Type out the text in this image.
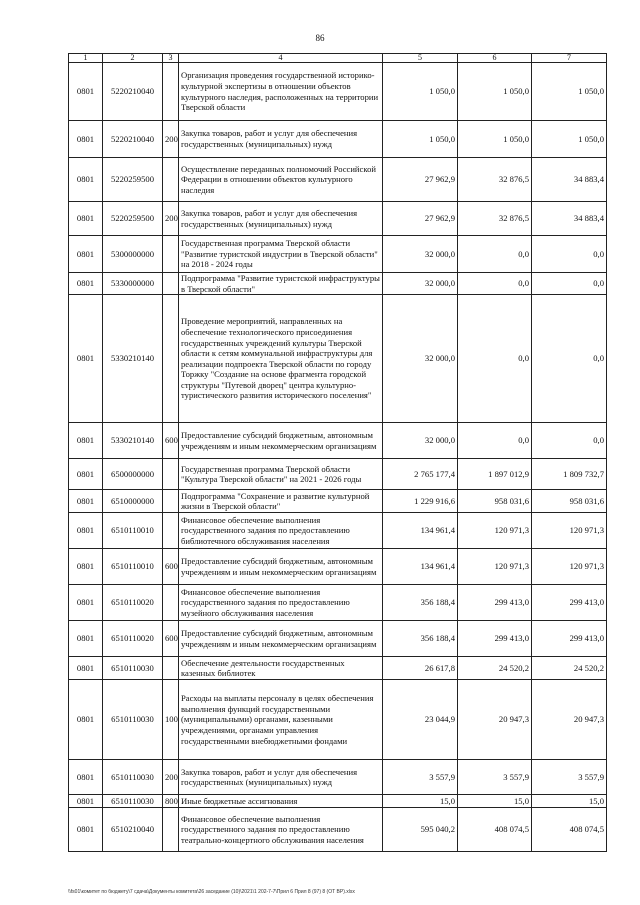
86
1	2	3	4	5	6	7
0801	5220210040		Организация проведения государственной историко-культурной экспертизы в отношении объектов культурного наследия, расположенных на территории Тверской области	1 050,0	1 050,0	1 050,0
0801	5220210040	200	Закупка товаров, работ и услуг для обеспечения государственных (муниципальных) нужд	1 050,0	1 050,0	1 050,0
0801	5220259500		Осуществление переданных полномочий Российской Федерации в отношении объектов культурного наследия	27 962,9	32 876,5	34 883,4
0801	5220259500	200	Закупка товаров, работ и услуг для обеспечения государственных (муниципальных) нужд	27 962,9	32 876,5	34 883,4
0801	5300000000		Государственная программа Тверской области "Развитие туристской индустрии в Тверской области" на 2018 - 2024 годы	32 000,0	0,0	0,0
0801	5330000000		Подпрограмма "Развитие туристской инфраструктуры в Тверской области"	32 000,0	0,0	0,0
0801	5330210140		Проведение мероприятий, направленных на обеспечение технологического присоединения государственных учреждений культуры Тверской области к сетям коммунальной инфраструктуры для реализации подпроекта Тверской области по городу Торжку "Создание на основе фрагмента городской структуры "Путевой дворец" центра культурно-туристического развития исторического поселения"	32 000,0	0,0	0,0
0801	5330210140	600	Предоставление субсидий бюджетным, автономным учреждениям и иным некоммерческим организациям	32 000,0	0,0	0,0
0801	6500000000		Государственная программа Тверской области "Культура Тверской области" на 2021 - 2026 годы	2 765 177,4	1 897 012,9	1 809 732,7
0801	6510000000		Подпрограмма "Сохранение и развитие культурной жизни в Тверской области"	1 229 916,6	958 031,6	958 031,6
0801	6510110010		Финансовое обеспечение выполнения государственного задания по предоставлению библиотечного обслуживания населения	134 961,4	120 971,3	120 971,3
0801	6510110010	600	Предоставление субсидий бюджетным, автономным учреждениям и иным некоммерческим организациям	134 961,4	120 971,3	120 971,3
0801	6510110020		Финансовое обеспечение выполнения государственного задания по предоставлению музейного обслуживания населения	356 188,4	299 413,0	299 413,0
0801	6510110020	600	Предоставление субсидий бюджетным, автономным учреждениям и иным некоммерческим организациям	356 188,4	299 413,0	299 413,0
0801	6510110030		Обеспечение деятельности государственных казенных библиотек	26 617,8	24 520,2	24 520,2
0801	6510110030	100	Расходы на выплаты персоналу в целях обеспечения выполнения функций государственными (муниципальными) органами, казенными учреждениями, органами управления государственными внебюджетными фондами	23 044,9	20 947,3	20 947,3
0801	6510110030	200	Закупка товаров, работ и услуг для обеспечения государственных (муниципальных) нужд	3 557,9	3 557,9	3 557,9
0801	6510110030	800	Иные бюджетные ассигнования	15,0	15,0	15,0
0801	6510210040		Финансовое обеспечение выполнения государственного задания по предоставлению театрально-концертного обслуживания населения	595 040,2	408 074,5	408 074,5
\\fs01\комитет по бюджету\7 сдача\Документы комитета\26 заседание (10)\2021\1 202-7-7\Прил 6 Прил 8 (97) 8 (ОТ ВР).xlsx
